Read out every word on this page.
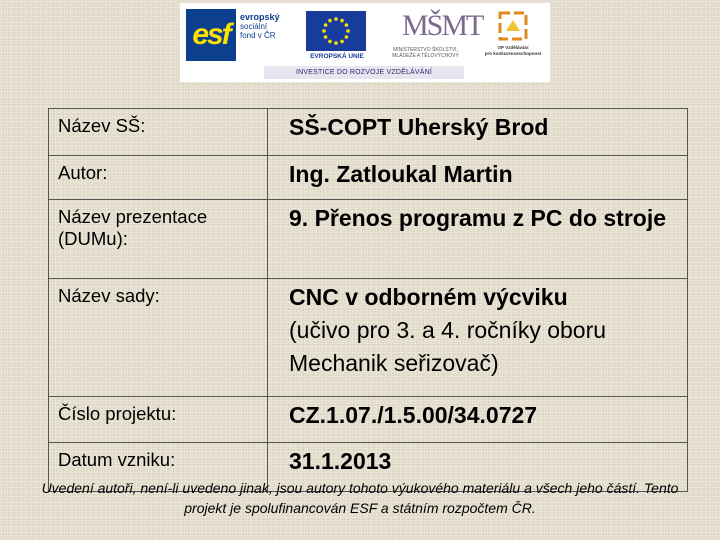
esf
evropský
sociální
fond v ČR
EVROPSKÁ UNIE
MŠMT
MINISTERSTVO ŠKOLSTVÍ,
MLÁDEŽE A TĚLOVÝCHOVY
OP Vzdělávání
pro konkurenceschopnost
INVESTICE DO ROZVOJE VZDĚLÁVÁNÍ
Název SŠ:	SŠ-COPT Uherský Brod
Autor:	Ing. Zatloukal Martin
Název prezentace (DUMu):	9. Přenos programu z PC do stroje
Název sady:	CNC v odborném výcviku
(učivo pro 3. a 4. ročníky oboru Mechanik seřizovač)

Číslo projektu:	CZ.1.07./1.5.00/34.0727
Datum vzniku:	31.1.2013
Uvedení autoři, není-li uvedeno jinak, jsou autory tohoto výukového materiálu a všech jeho částí. Tento projekt je spolufinancován ESF a státním rozpočtem ČR.
